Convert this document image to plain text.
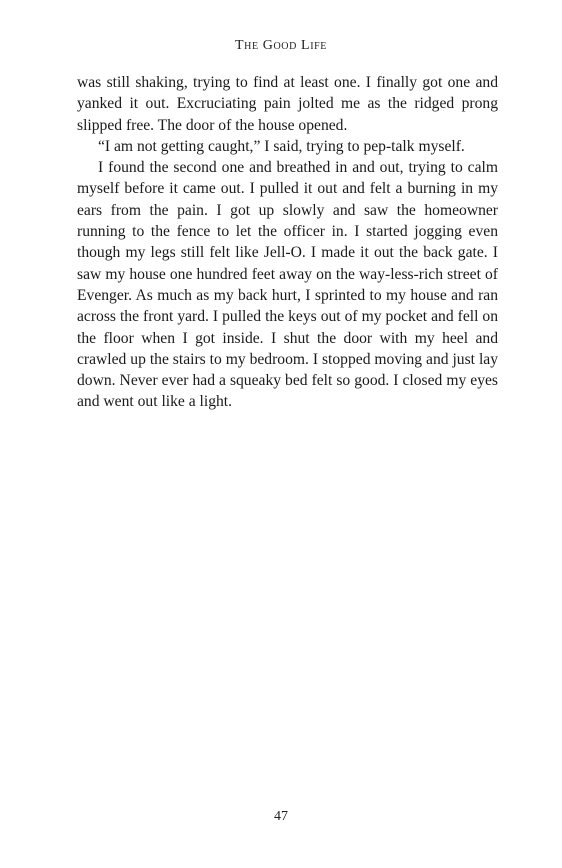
The Good Life

was still shaking, trying to find at least one. I finally got one and yanked it out. Excruciating pain jolted me as the ridged prong slipped free. The door of the house opened.

“I am not getting caught,” I said, trying to pep-talk myself.

I found the second one and breathed in and out, trying to calm myself before it came out. I pulled it out and felt a burning in my ears from the pain. I got up slowly and saw the homeowner running to the fence to let the officer in. I started jogging even though my legs still felt like Jell-O. I made it out the back gate. I saw my house one hundred feet away on the way-less-rich street of Evenger. As much as my back hurt, I sprinted to my house and ran across the front yard. I pulled the keys out of my pocket and fell on the floor when I got inside. I shut the door with my heel and crawled up the stairs to my bedroom. I stopped moving and just lay down. Never ever had a squeaky bed felt so good. I closed my eyes and went out like a light.

47
